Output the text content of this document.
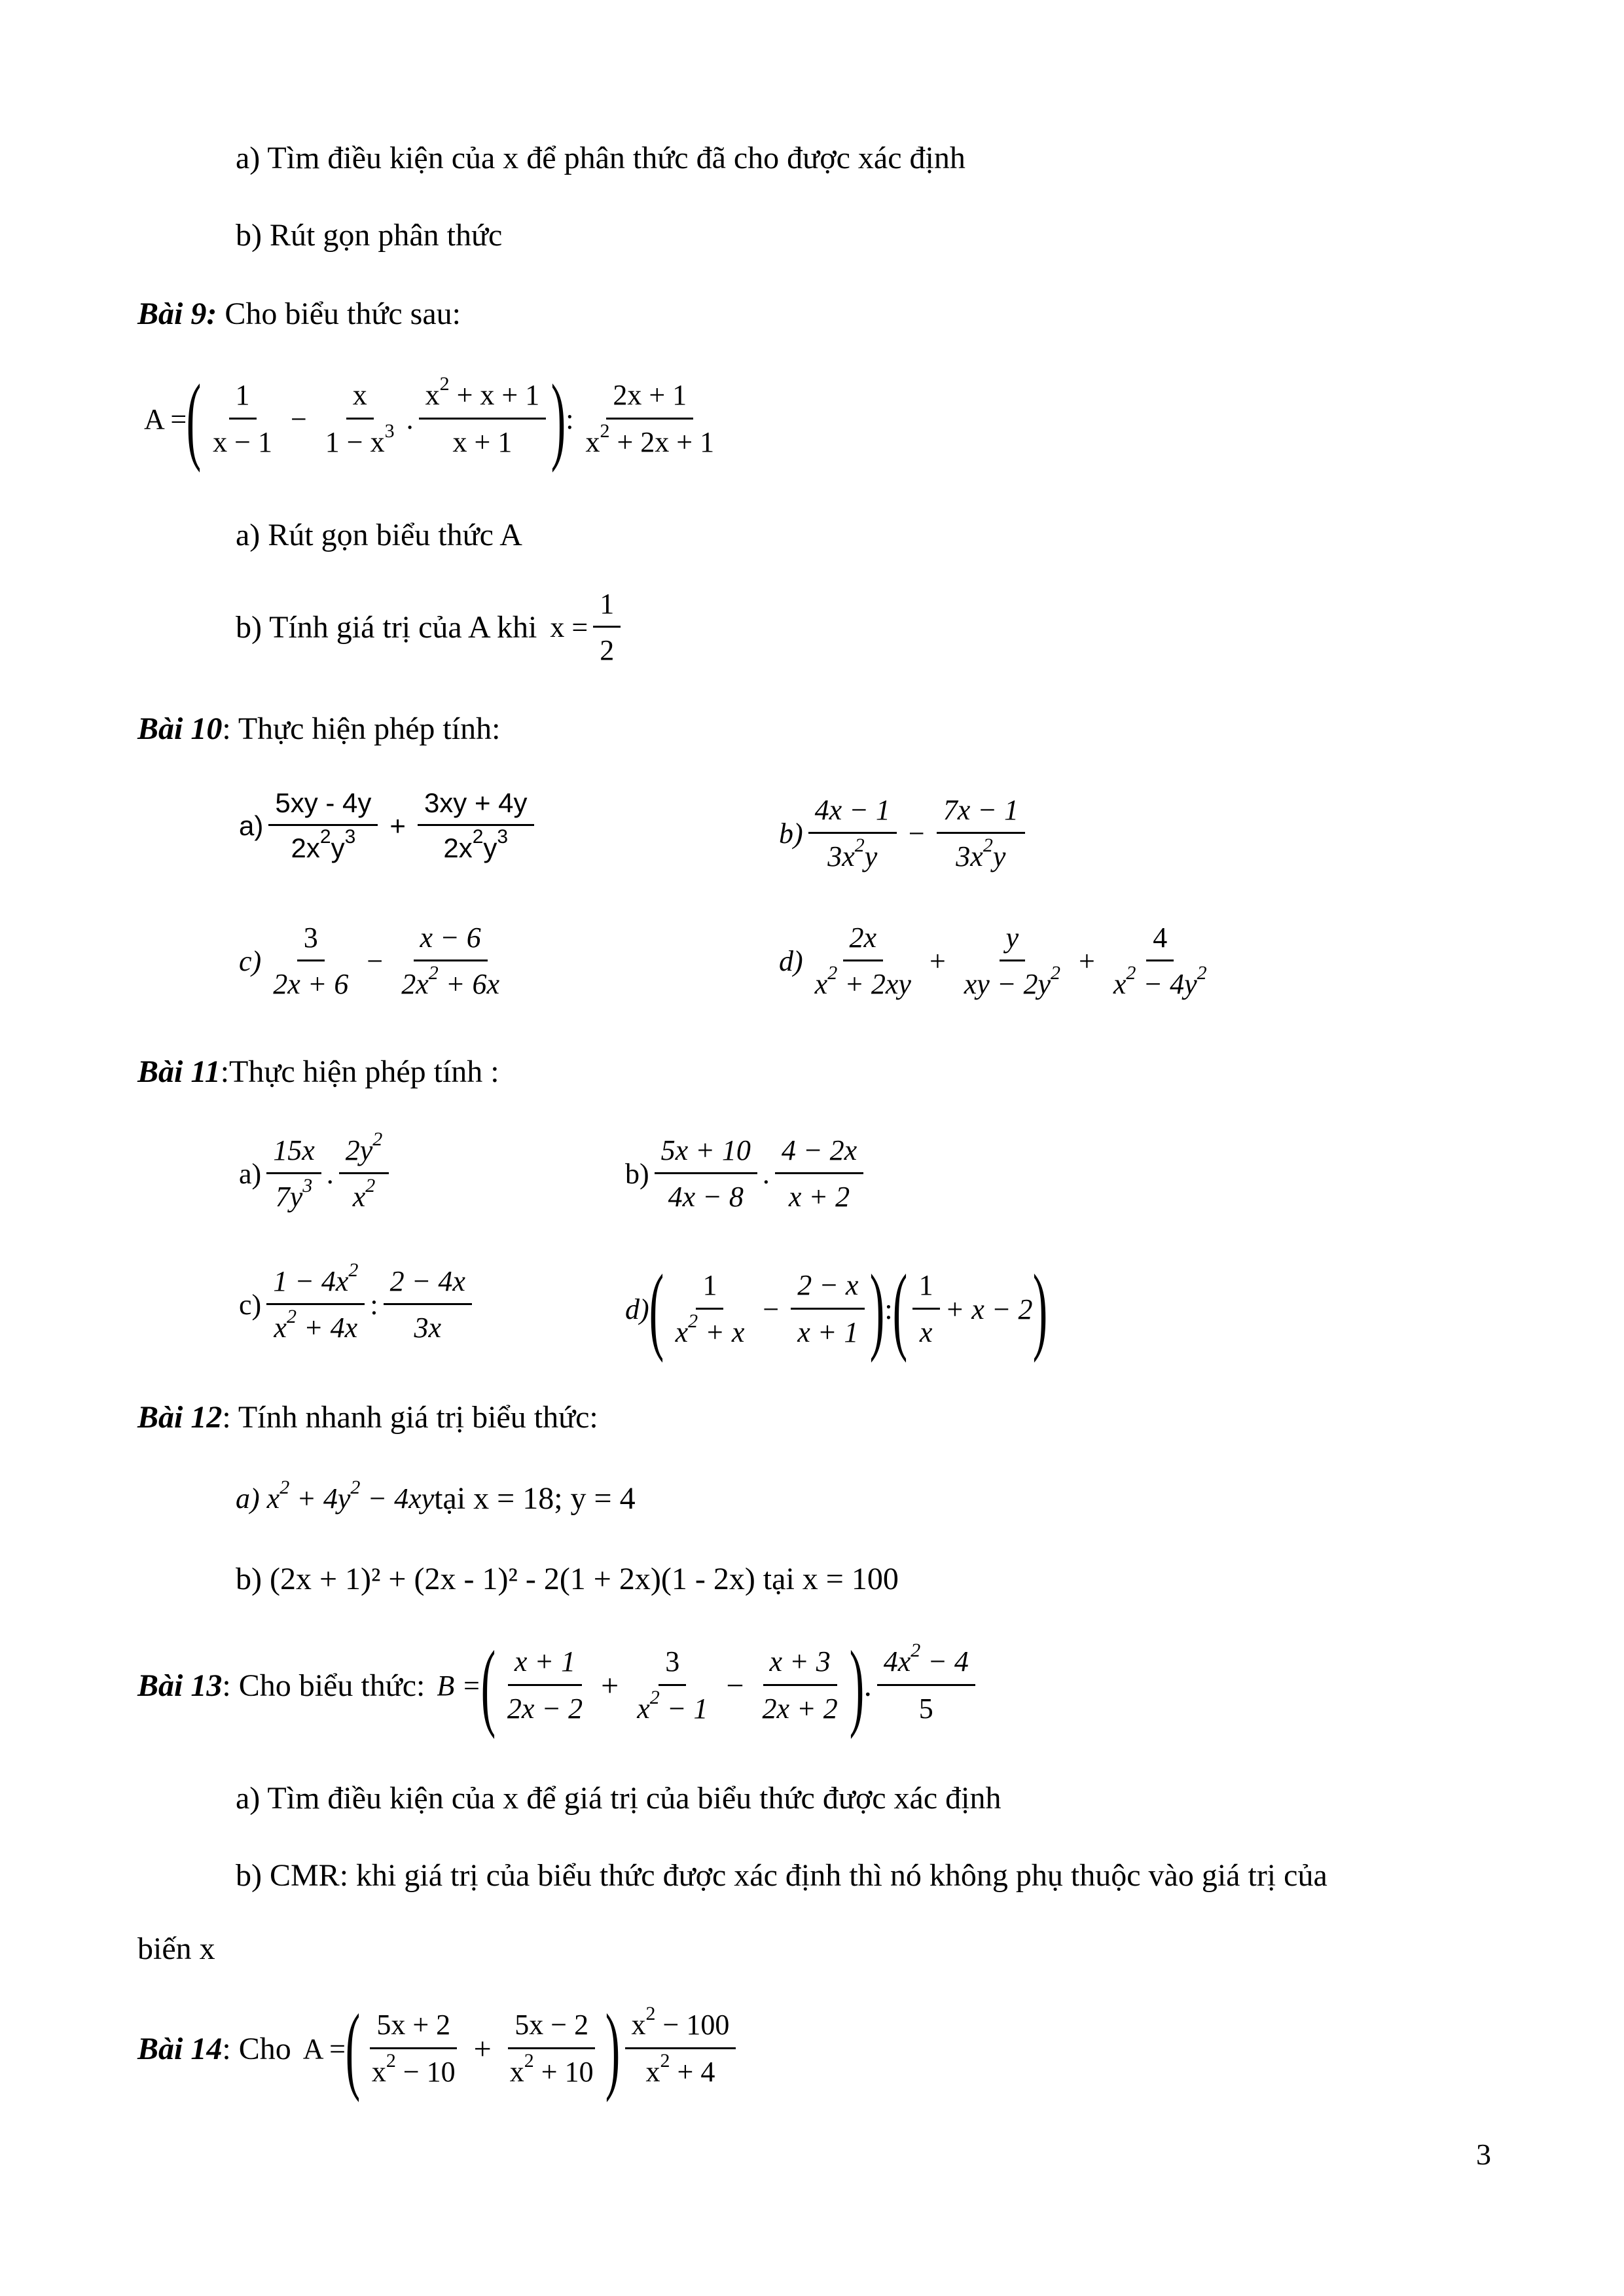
a) Tìm điều kiện của x để phân thức đã cho được xác định
b) Rút gọn phân thức
Bài 9: Cho biểu thức sau:
A = ( $\frac{1}{x - 1} - \frac{x}{1 - x^3}$ . $\frac{x^2 + x + 1}{x + 1}$ ) : $\frac{2x + 1}{x^2 + 2x + 1}$
a) Rút gọn biểu thức A
b) Tính giá trị của A khi $x = \frac{1}{2}$
Bài 10: Thực hiện phép tính:
$a) \frac{5xy - 4y}{2x^2y^3} + \frac{3xy + 4y}{2x^2y^3}$	$b) \frac{4x - 1}{3x^2y} - \frac{7x - 1}{3x^2y}$
$c) \frac{3}{2x + 6} - \frac{x - 6}{2x^2 + 6x}$	$d) \frac{2x}{x^2 + 2xy} + \frac{y}{xy - 2y^2} + \frac{4}{x^2 - 4y^2}$
Bài 11:Thực hiện phép tính :
$a) \frac{15x}{7y^3}$ . $\frac{2y^2}{x^2}$	$b) \frac{5x + 10}{4x - 8}$ . $\frac{4 - 2x}{x + 2}$
$c) \frac{1 - 4x^2}{x^2 + 4x}$ : $\frac{2 - 4x}{3x}$	d) ( $\frac{1}{x^2 + x} - \frac{2 - x}{x + 1}$ ) : ( $\frac{1}{x} + x - 2$ )
Bài 12: Tính nhanh giá trị biểu thức:
a) $x^2 + 4y^2 - 4xy$ tại x = 18; y = 4
b) (2x + 1)² + (2x - 1)² - 2(1 + 2x)(1 - 2x) tại x = 100
Bài 13 : Cho biểu thức: B = ( $\frac{x + 1}{2x - 2} + \frac{3}{x^2 - 1} - \frac{x + 3}{2x + 2}$ ) . $\frac{4x^2 - 4}{5}$
a) Tìm điều kiện của x để giá trị của biểu thức được xác định
b) CMR: khi giá trị của biểu thức được xác định thì nó không phụ thuộc vào giá trị của
biến x
Bài 14 : Cho A = ( $\frac{5x + 2}{x^2 - 10} + \frac{5x - 2}{x^2 + 10}$ ) $\frac{x^2 - 100}{x^2 + 4}$
3
